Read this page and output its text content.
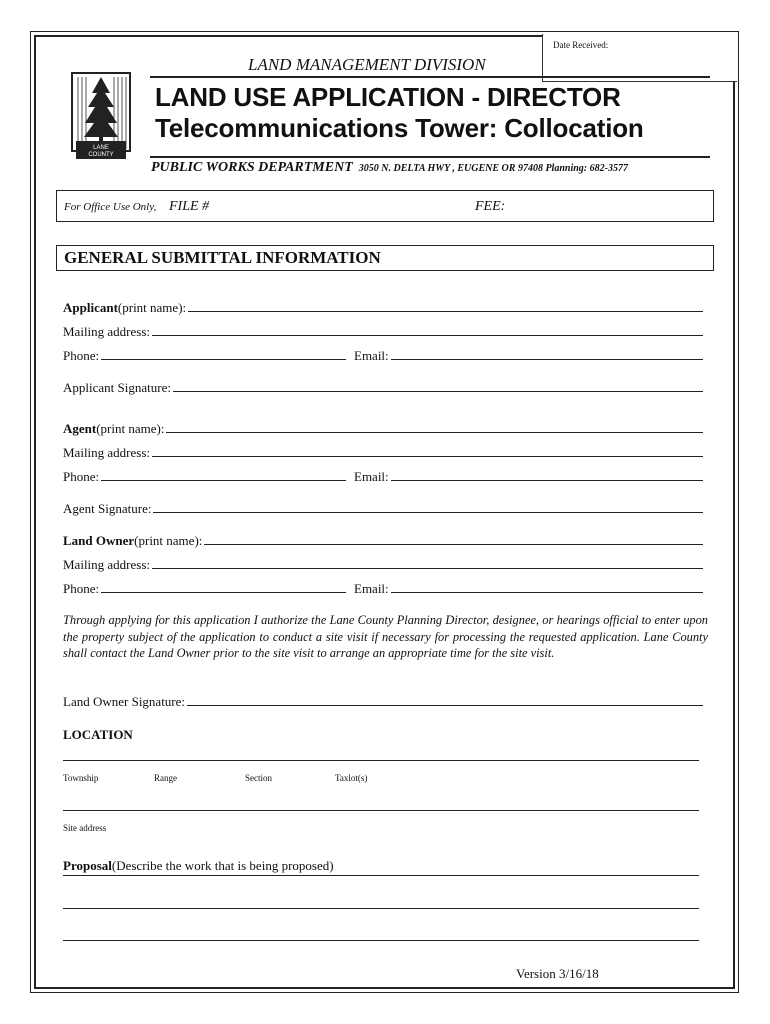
Date Received:
LAND MANAGEMENT DIVISION
LANE
COUNTY
LAND USE APPLICATION - DIRECTOR
Telecommunications Tower: Collocation
PUBLIC WORKS DEPARTMENT 3050 N. DELTA HWY , EUGENE OR 97408 Planning: 682-3577
For Office Use Only, FILE #	FEE:
GENERAL SUBMITTAL INFORMATION
Applicant (print name):
Mailing address:
Phone:	Email:
Applicant Signature:
Agent (print name):
Mailing address:
Phone:	Email:
Agent Signature:
Land Owner (print name):
Mailing address:
Phone:	Email:
Through applying for this application I authorize the Lane County Planning Director, designee, or hearings official to enter upon the property subject of the application to conduct a site visit if necessary for processing the requested application. Lane County shall contact the Land Owner prior to the site visit to arrange an appropriate time for the site visit.
Land Owner Signature:
LOCATION
Township	Range	Section	Taxlot(s)
Site address
Proposal (Describe the work that is being proposed)
Version 3/16/18
